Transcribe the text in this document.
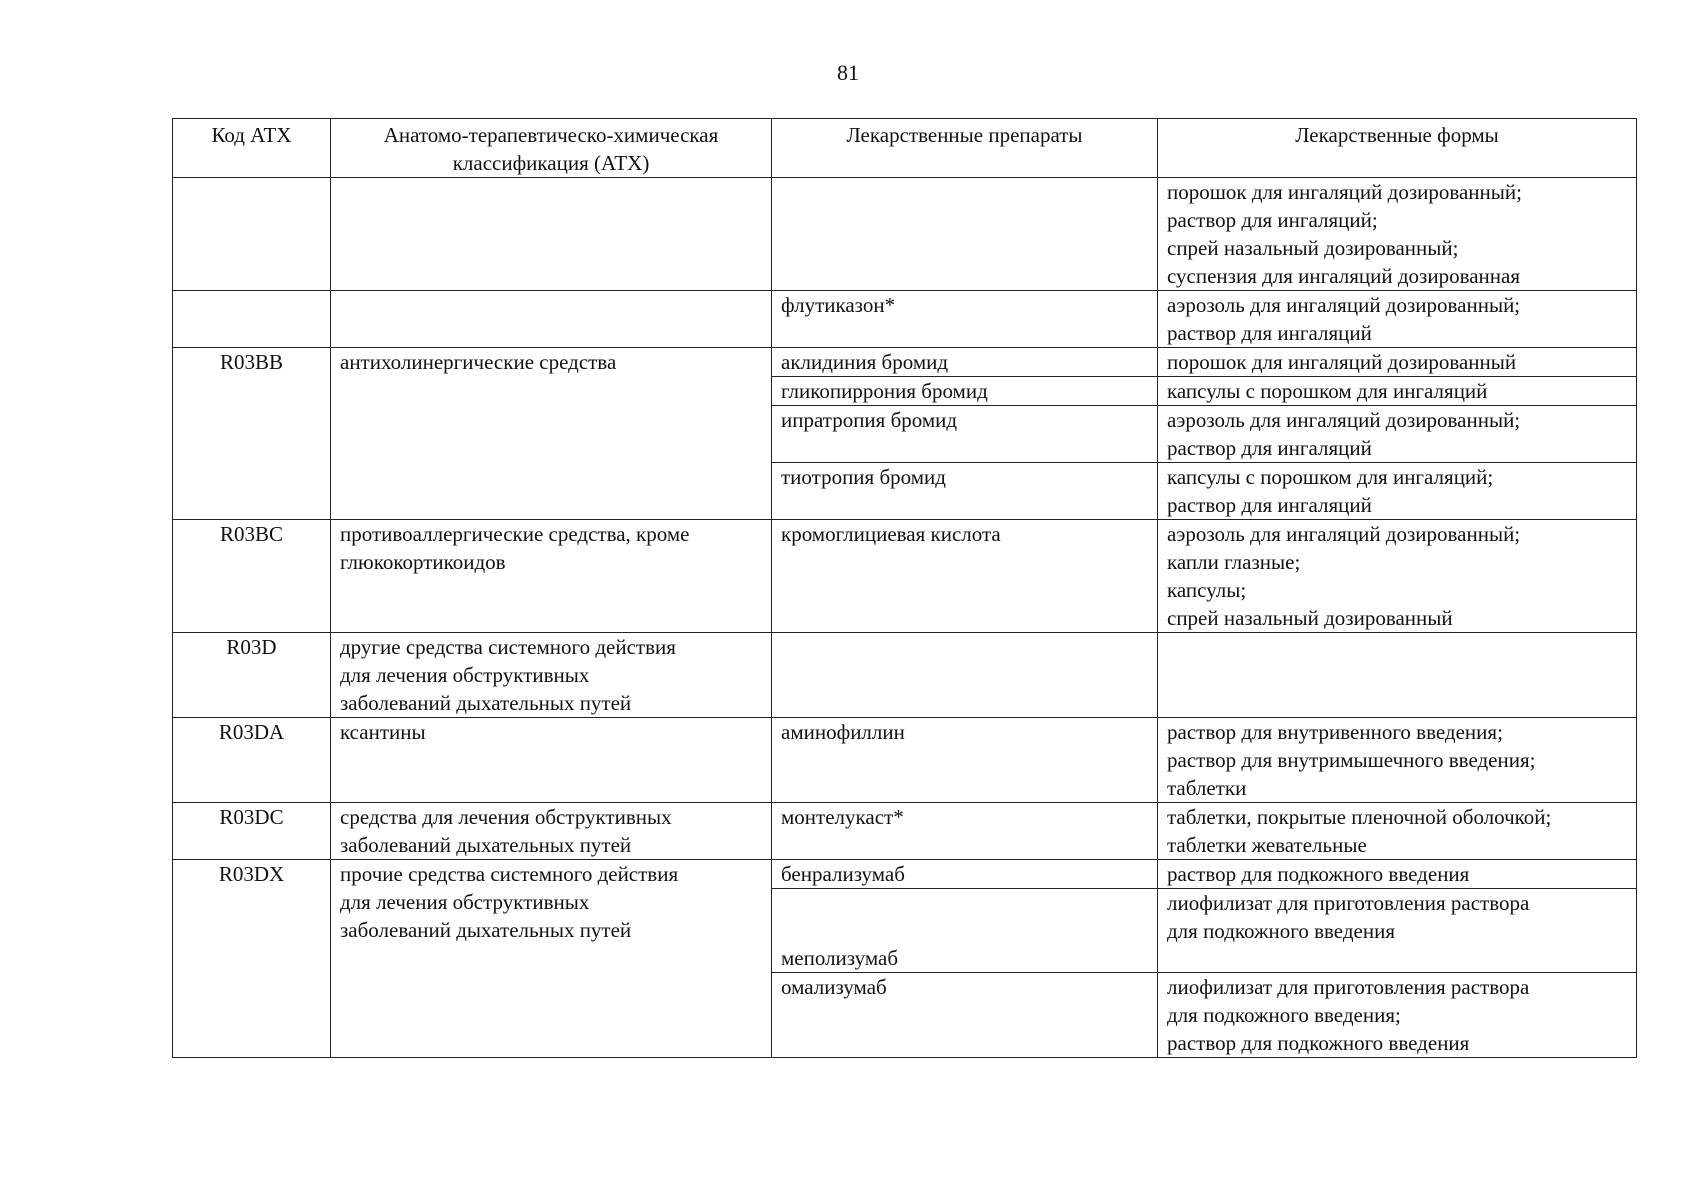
81
Код АТХ	Анатомо-терапевтическо-химическая классификация (АТХ)	Лекарственные препараты	Лекарственные формы

			порошок для ингаляций дозированный;
раствор для ингаляций;
спрей назальный дозированный;
суспензия для ингаляций дозированная

		флутиказон*	аэрозоль для ингаляций дозированный;
раствор для ингаляций

R03BB	антихолинергические средства	аклидиния бромид	порошок для ингаляций дозированный

		гликопиррония бромид	капсулы с порошком для ингаляций

		ипратропия бромид	аэрозоль для ингаляций дозированный;
раствор для ингаляций

		тиотропия бромид	капсулы с порошком для ингаляций;
раствор для ингаляций

R03BC	противоаллергические средства, кроме
глюкокортикоидов	кромоглициевая кислота	аэрозоль для ингаляций дозированный;
капли глазные;
капсулы;
спрей назальный дозированный

R03D	другие средства системного действия
для лечения обструктивных
заболеваний дыхательных путей		

R03DA	ксантины	аминофиллин	раствор для внутривенного введения;
раствор для внутримышечного введения;
таблетки

R03DC	средства для лечения обструктивных
заболеваний дыхательных путей	монтелукаст*	таблетки, покрытые пленочной оболочкой;
таблетки жевательные

R03DX	прочие средства системного действия
для лечения обструктивных
заболеваний дыхательных путей	бенрализумаб	раствор для подкожного введения

		меполизумаб	лиофилизат для приготовления раствора
для подкожного введения

		омализумаб	лиофилизат для приготовления раствора
для подкожного введения;
раствор для подкожного введения
